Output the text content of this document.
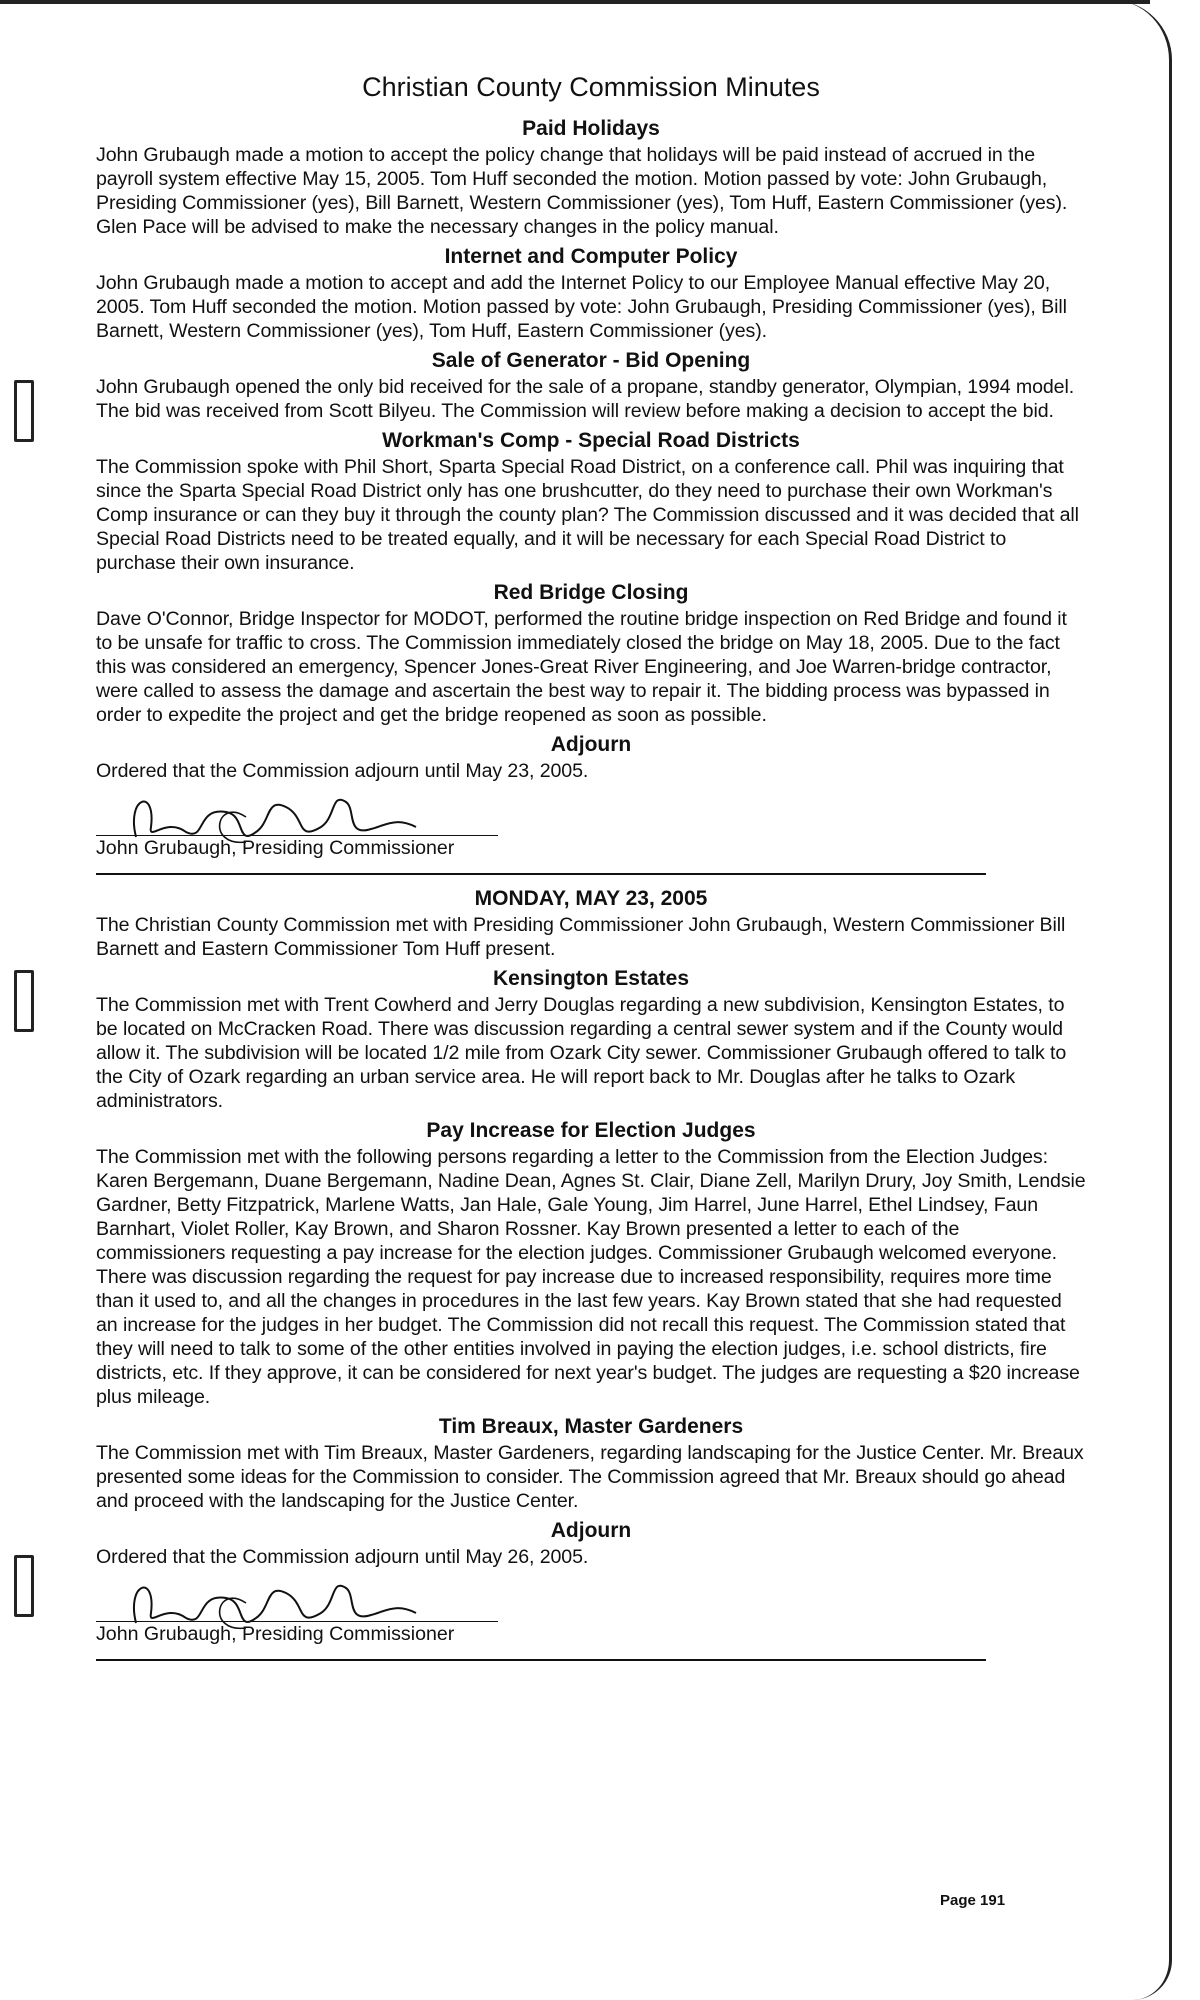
Christian County Commission Minutes
Paid Holidays

John Grubaugh made a motion to accept the policy change that holidays will be paid instead of accrued in the payroll system effective May 15, 2005. Tom Huff seconded the motion. Motion passed by vote: John Grubaugh, Presiding Commissioner (yes), Bill Barnett, Western Commissioner (yes), Tom Huff, Eastern Commissioner (yes). Glen Pace will be advised to make the necessary changes in the policy manual.

Internet and Computer Policy

John Grubaugh made a motion to accept and add the Internet Policy to our Employee Manual effective May 20, 2005. Tom Huff seconded the motion. Motion passed by vote: John Grubaugh, Presiding Commissioner (yes), Bill Barnett, Western Commissioner (yes), Tom Huff, Eastern Commissioner (yes).

Sale of Generator - Bid Opening

John Grubaugh opened the only bid received for the sale of a propane, standby generator, Olympian, 1994 model. The bid was received from Scott Bilyeu. The Commission will review before making a decision to accept the bid.

Workman's Comp - Special Road Districts

The Commission spoke with Phil Short, Sparta Special Road District, on a conference call. Phil was inquiring that since the Sparta Special Road District only has one brushcutter, do they need to purchase their own Workman's Comp insurance or can they buy it through the county plan? The Commission discussed and it was decided that all Special Road Districts need to be treated equally, and it will be necessary for each Special Road District to purchase their own insurance.

Red Bridge Closing

Dave O'Connor, Bridge Inspector for MODOT, performed the routine bridge inspection on Red Bridge and found it to be unsafe for traffic to cross. The Commission immediately closed the bridge on May 18, 2005. Due to the fact this was considered an emergency, Spencer Jones-Great River Engineering, and Joe Warren-bridge contractor, were called to assess the damage and ascertain the best way to repair it. The bidding process was bypassed in order to expedite the project and get the bridge reopened as soon as possible.

Adjourn

Ordered that the Commission adjourn until May 23, 2005.

John Grubaugh, Presiding Commissioner
MONDAY, MAY 23, 2005

The Christian County Commission met with Presiding Commissioner John Grubaugh, Western Commissioner Bill Barnett and Eastern Commissioner Tom Huff present.

Kensington Estates

The Commission met with Trent Cowherd and Jerry Douglas regarding a new subdivision, Kensington Estates, to be located on McCracken Road. There was discussion regarding a central sewer system and if the County would allow it. The subdivision will be located 1/2 mile from Ozark City sewer. Commissioner Grubaugh offered to talk to the City of Ozark regarding an urban service area. He will report back to Mr. Douglas after he talks to Ozark administrators.

Pay Increase for Election Judges

The Commission met with the following persons regarding a letter to the Commission from the Election Judges: Karen Bergemann, Duane Bergemann, Nadine Dean, Agnes St. Clair, Diane Zell, Marilyn Drury, Joy Smith, Lendsie Gardner, Betty Fitzpatrick, Marlene Watts, Jan Hale, Gale Young, Jim Harrel, June Harrel, Ethel Lindsey, Faun Barnhart, Violet Roller, Kay Brown, and Sharon Rossner. Kay Brown presented a letter to each of the commissioners requesting a pay increase for the election judges. Commissioner Grubaugh welcomed everyone. There was discussion regarding the request for pay increase due to increased responsibility, requires more time than it used to, and all the changes in procedures in the last few years. Kay Brown stated that she had requested an increase for the judges in her budget. The Commission did not recall this request. The Commission stated that they will need to talk to some of the other entities involved in paying the election judges, i.e. school districts, fire districts, etc. If they approve, it can be considered for next year's budget. The judges are requesting a $20 increase plus mileage.

Tim Breaux, Master Gardeners

The Commission met with Tim Breaux, Master Gardeners, regarding landscaping for the Justice Center. Mr. Breaux presented some ideas for the Commission to consider. The Commission agreed that Mr. Breaux should go ahead and proceed with the landscaping for the Justice Center.

Adjourn

Ordered that the Commission adjourn until May 26, 2005.

John Grubaugh, Presiding Commissioner
Page 191
